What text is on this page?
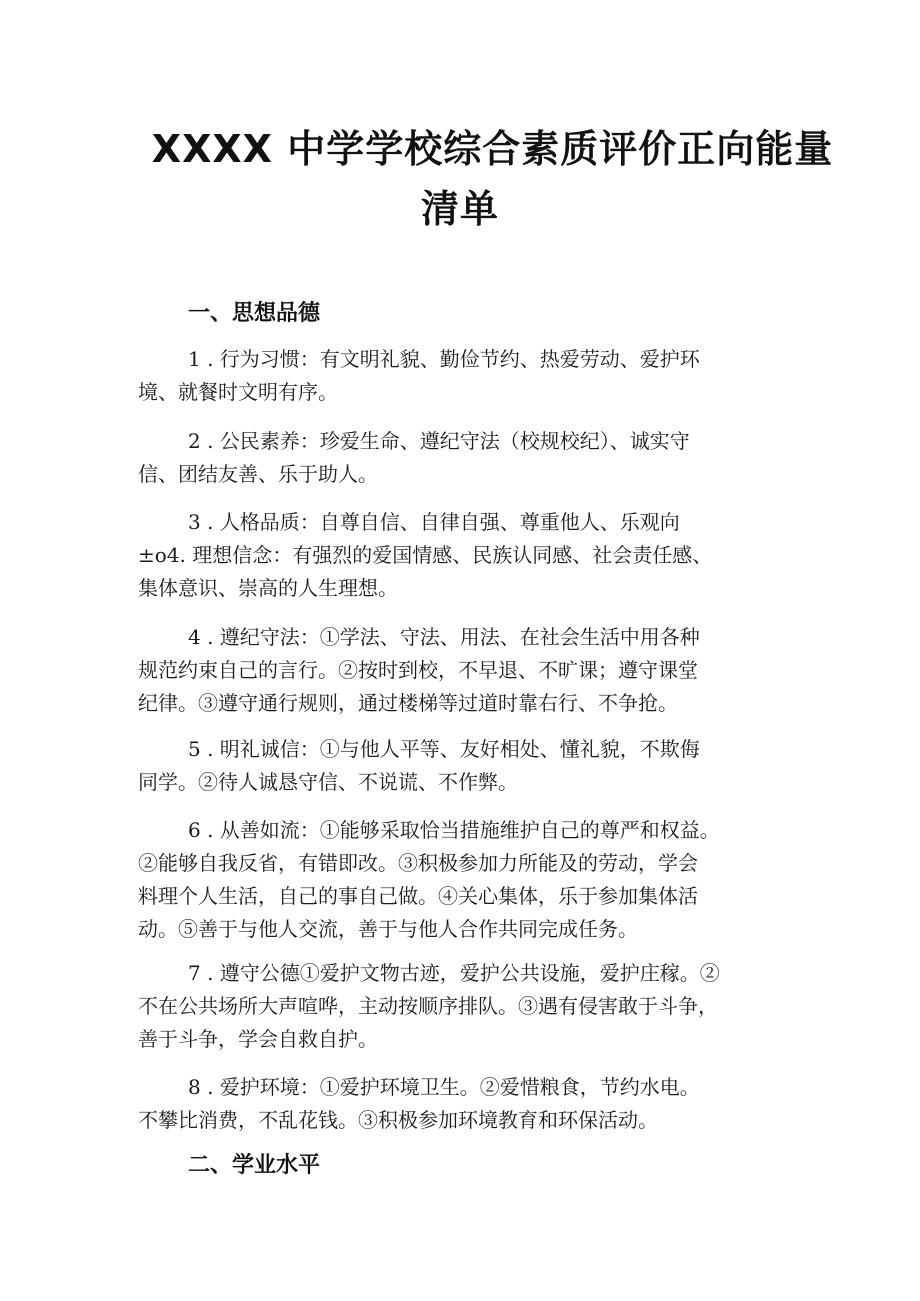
XXXX 中学学校综合素质评价正向能量
清单
一、思想品德

1 . 行为习惯：有文明礼貌、勤俭节约、热爱劳动、爱护环
境、就餐时文明有序。

2 . 公民素养：珍爱生命、遵纪守法（校规校纪）、诚实守
信、团结友善、乐于助人。

3 . 人格品质：自尊自信、自律自强、尊重他人、乐观向
±o4. 理想信念：有强烈的爱国情感、民族认同感、社会责任感、
集体意识、崇高的人生理想。

4 . 遵纪守法：①学法、守法、用法、在社会生活中用各种
规范约束自己的言行。②按时到校，不早退、不旷课；遵守课堂
纪律。③遵守通行规则，通过楼梯等过道时靠右行、不争抢。

5 . 明礼诚信：①与他人平等、友好相处、懂礼貌，不欺侮
同学。②待人诚恳守信、不说谎、不作弊。

6 . 从善如流：①能够采取恰当措施维护自己的尊严和权益。
②能够自我反省，有错即改。③积极参加力所能及的劳动，学会
料理个人生活，自己的事自己做。④关心集体，乐于参加集体活
动。⑤善于与他人交流，善于与他人合作共同完成任务。

7 . 遵守公德①爱护文物古迹，爱护公共设施，爱护庄稼。②
不在公共场所大声喧哗，主动按顺序排队。③遇有侵害敢于斗争，
善于斗争，学会自救自护。

8 . 爱护环境：①爱护环境卫生。②爱惜粮食，节约水电。
不攀比消费，不乱花钱。③积极参加环境教育和环保活动。

二、学业水平
